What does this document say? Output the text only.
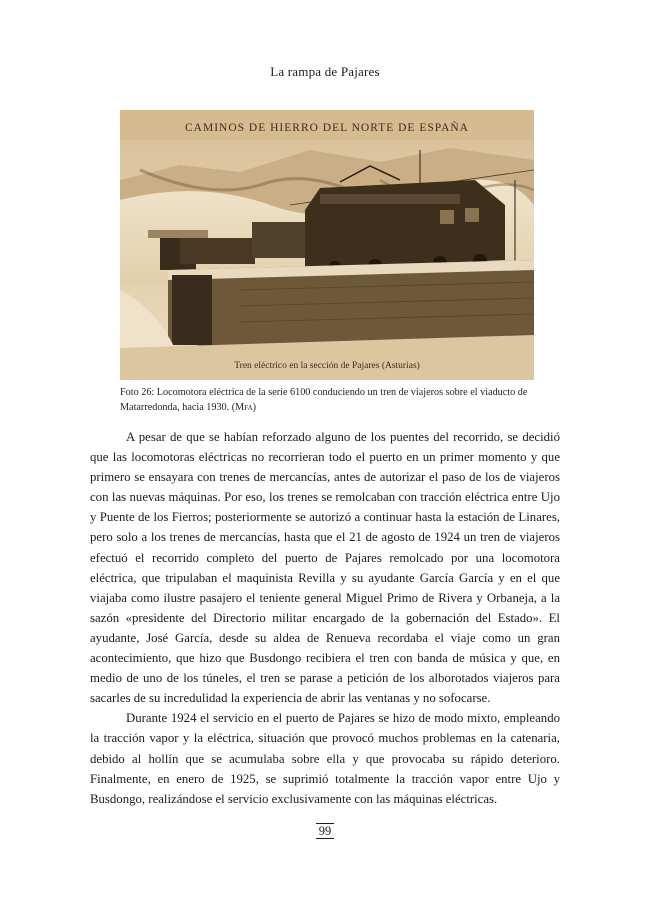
La rampa de Pajares
CAMINOS DE HIERRO DEL NORTE DE ESPAÑA
Tren eléctrico en la sección de Pajares (Asturias)
Foto 26: Locomotora eléctrica de la serie 6100 conduciendo un tren de viajeros sobre el viaducto de Matarredonda, hacia 1930. (Mfa)

A pesar de que se habían reforzado alguno de los puentes del recorrido, se decidió que las locomotoras eléctricas no recorrieran todo el puerto en un primer momento y que primero se ensayara con trenes de mercancías, antes de autorizar el paso de los de viajeros con las nuevas máquinas. Por eso, los trenes se remolcaban con tracción eléctrica entre Ujo y Puente de los Fierros; posteriormente se autorizó a continuar hasta la estación de Linares, pero solo a los trenes de mercancías, hasta que el 21 de agosto de 1924 un tren de viajeros efectuó el recorrido completo del puerto de Pajares remolcado por una locomotora eléctrica, que tripulaban el maquinista Revilla y su ayudante García García y en el que viajaba como ilustre pasajero el teniente general Miguel Primo de Rivera y Orbaneja, a la sazón «presidente del Directorio militar encargado de la gobernación del Estado». El ayudante, José García, desde su aldea de Renueva recordaba el viaje como un gran acontecimiento, que hizo que Busdongo recibiera el tren con banda de música y que, en medio de uno de los túneles, el tren se parase a petición de los alborotados viajeros para sacarles de su incredulidad la experiencia de abrir las ventanas y no sofocarse.

Durante 1924 el servicio en el puerto de Pajares se hizo de modo mixto, empleando la tracción vapor y la eléctrica, situación que provocó muchos problemas en la catenaria, debido al hollín que se acumulaba sobre ella y que provocaba su rápido deterioro. Finalmente, en enero de 1925, se suprimió totalmente la tracción vapor entre Ujo y Busdongo, realizándose el servicio exclusivamente con las máquinas eléctricas.

99
